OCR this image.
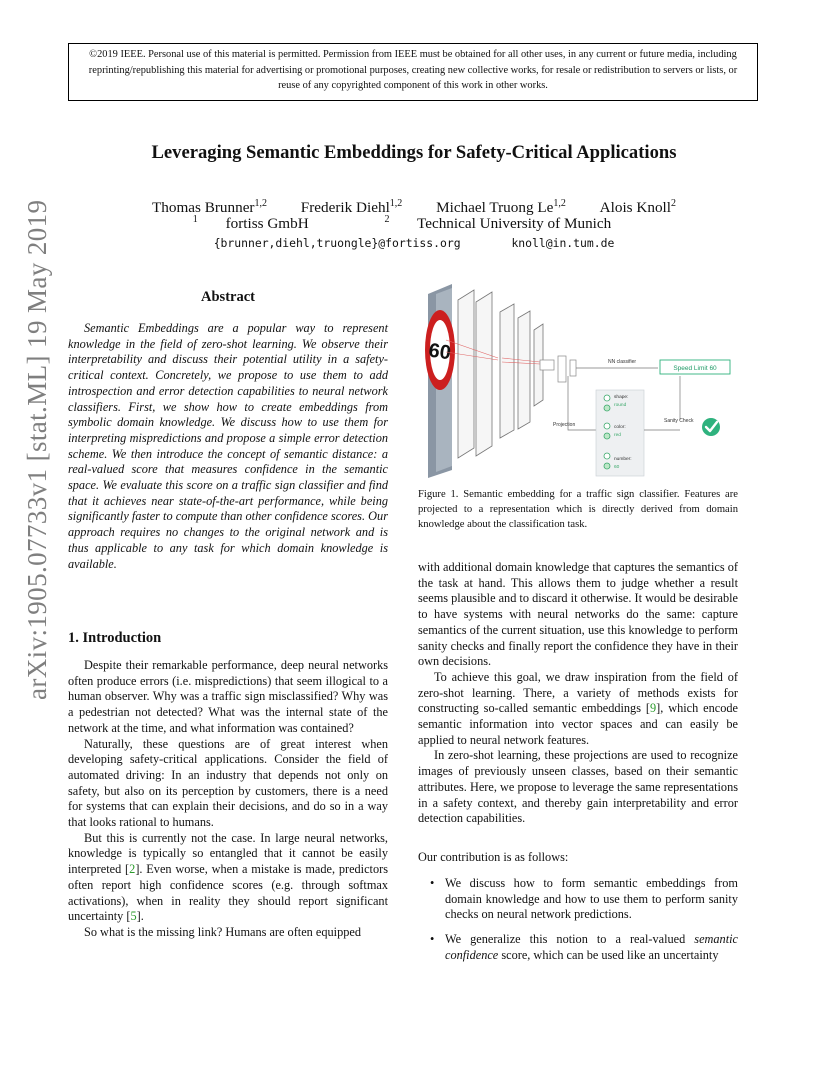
©2019 IEEE. Personal use of this material is permitted. Permission from IEEE must be obtained for all other uses, in any current or future media, including reprinting/republishing this material for advertising or promotional purposes, creating new collective works, for resale or redistribution to servers or lists, or reuse of any copyrighted component of this work in other works.
Leveraging Semantic Embeddings for Safety-Critical Applications
Thomas Brunner$^{1,2}$ Frederik Diehl$^{1,2}$ Michael Truong Le$^{1,2}$ Alois Knoll$^2$
$^1$ fortiss GmbH	$^2$ Technical University of Munich
{brunner,diehl,truongle}@fortiss.org	knoll@in.tum.de
arXiv:1905.07733v1 [stat.ML] 19 May 2019	Abstract

Semantic Embeddings are a popular way to represent knowledge in the field of zero-shot learning. We observe their interpretability and discuss their potential utility in a safety-critical context. Concretely, we propose to use them to add introspection and error detection capabilities to neural network classifiers. First, we show how to create embeddings from symbolic domain knowledge. We discuss how to use them for interpreting mispredictions and propose a simple error detection scheme. We then introduce the concept of semantic distance: a real-valued score that measures confidence in the semantic space. We evaluate this score on a traffic sign classifier and find that it achieves near state-of-the-art performance, while being significantly faster to compute than other confidence scores. Our approach requires no changes to the original network and is thus applicable to any task for which domain knowledge is available.

1. Introduction

Despite their remarkable performance, deep neural networks often produce errors (i.e. mispredictions) that seem illogical to a human observer. Why was a traffic sign misclassified? Why was a pedestrian not detected? What was the internal state of the network at the time, and what information was contained?

Naturally, these questions are of great interest when developing safety-critical applications. Consider the field of automated driving: In an industry that depends not only on safety, but also on its perception by customers, there is a need for systems that can explain their decisions, and do so in a way that looks rational to humans.

But this is currently not the case. In large neural networks, knowledge is typically so entangled that it cannot be easily interpreted [2]. Even worse, when a mistake is made, predictors often report high confidence scores (e.g. through softmax activations), when in reality they should report significant uncertainty [5].

So what is the missing link? Humans are often equipped

60	NN classifier
Speed Limit 60
Projection
shape:
round
color:
red
number:
60
Sanity Check
Figure 1. Semantic embedding for a traffic sign classifier. Features are projected to a representation which is directly derived from domain knowledge about the classification task.

with additional domain knowledge that captures the semantics of the task at hand. This allows them to judge whether a result seems plausible and to discard it otherwise. It would be desirable to have systems with neural networks do the same: capture semantics of the current situation, use this knowledge to perform sanity checks and finally report the confidence they have in their own decisions.

To achieve this goal, we draw inspiration from the field of zero-shot learning. There, a variety of methods exists for constructing so-called semantic embeddings [9], which encode semantic information into vector spaces and can easily be applied to neural network features.

In zero-shot learning, these projections are used to recognize images of previously unseen classes, based on their semantic attributes. Here, we propose to leverage the same representations in a safety context, and thereby gain interpretability and error detection capabilities.

Our contribution is as follows:
• We discuss how to form semantic embeddings from domain knowledge and how to use them to perform sanity checks on neural network predictions.
• We generalize this notion to a real-valued semantic confidence score, which can be used like an uncertainty
